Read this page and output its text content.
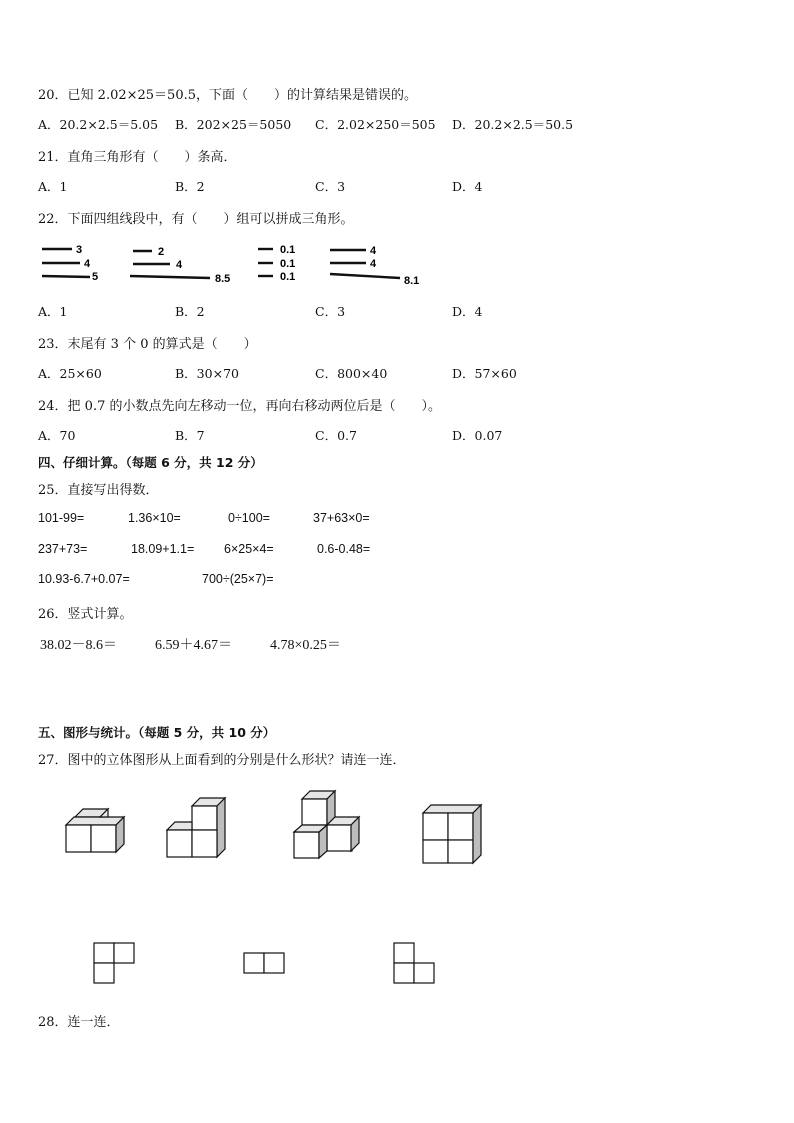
20．已知 2.02×25＝50.5，下面（　　）的计算结果是错误的。
A．20.2×2.5＝5.05 B．202×25＝5050 C．2.02×250＝505 D．20.2×2.5＝50.5
21．直角三角形有（　　）条高．
A．1	B．2	C．3	D．4
22．下面四组线段中，有（　　）组可以拼成三角形。
3
4
5
2
4
8.5
0.1
0.1
0.1
4
4
8.1
A．1	B．2	C．3	D．4
23．末尾有 3 个 0 的算式是（　　）
A．25×60	B．30×70	C．800×40	D．57×60
24．把 0.7 的小数点先向左移动一位，再向右移动两位后是（　　）。
A．70	B．7	C．0.7	D．0.07
四、仔细计算。（每题 6 分，共 12 分）
25．直接写出得数．
101-99=	1.36×10=	0÷100=	37+63×0=
237+73=	18.09+1.1= 6×25×4=	0.6-0.48=
10.93-6.7+0.07=	700÷(25×7)=
26．竖式计算。
38.02－8.6＝	6.59＋4.67＝	4.78×0.25＝
五、图形与统计。（每题 5 分，共 10 分）
27．图中的立体图形从上面看到的分别是什么形状？请连一连．
28．连一连．
